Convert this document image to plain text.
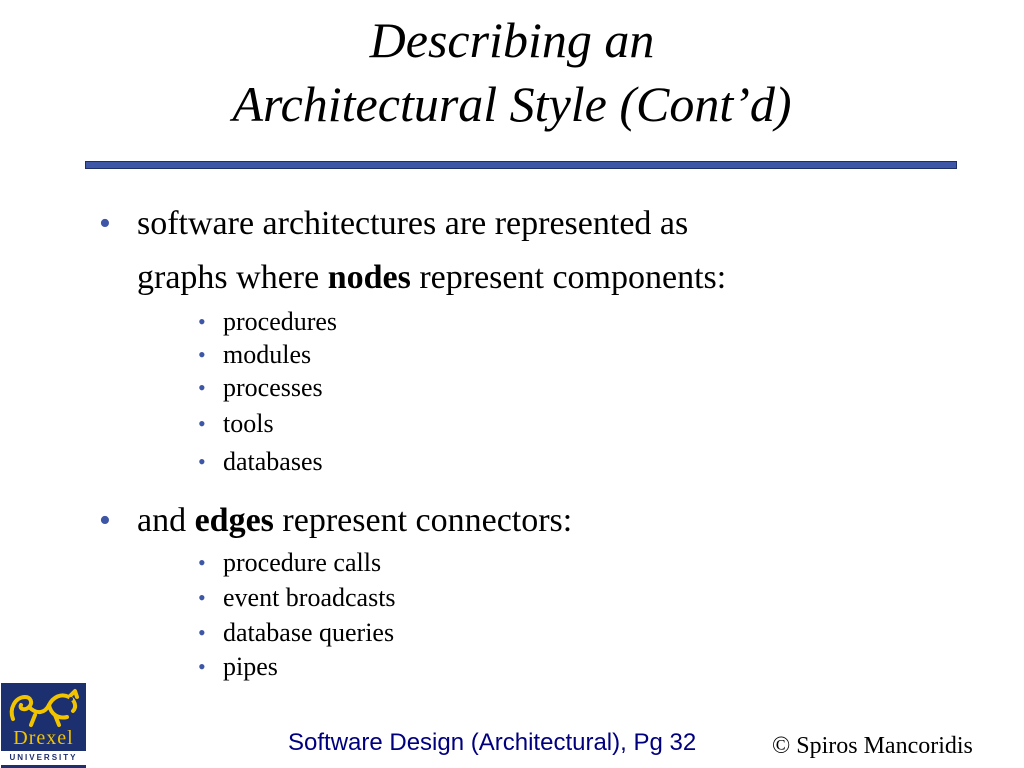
Describing an
Architectural Style (Cont’d)
• software architectures are represented as
graphs where nodes represent components:
• procedures
• modules
• processes
• tools
• databases
• and edges represent connectors:
• procedure calls
• event broadcasts
• database queries
• pipes
Drexel
UNIVERSITY
Software Design (Architectural), Pg 32	© Spiros Mancoridis
